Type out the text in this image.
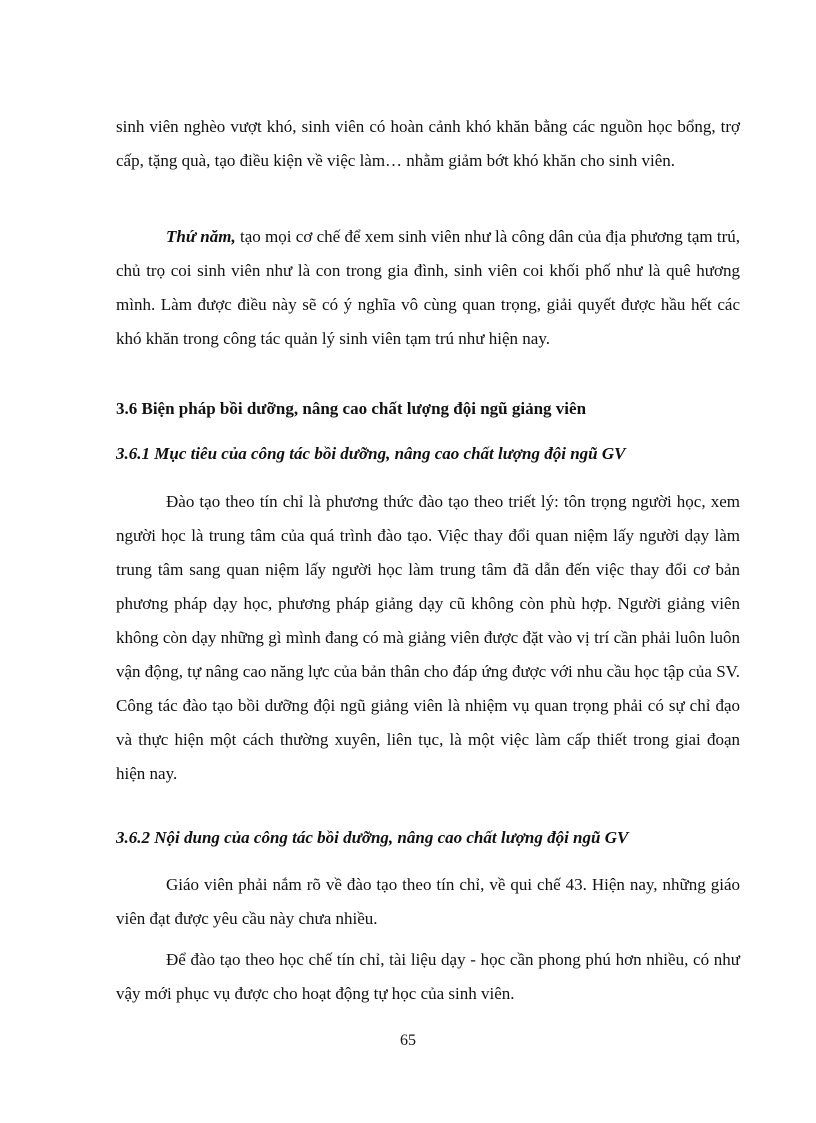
sinh viên nghèo vượt khó, sinh viên có hoàn cảnh khó khăn bằng các nguồn học bổng, trợ cấp, tặng quà, tạo điều kiện về việc làm… nhằm giảm bớt khó khăn cho sinh viên.

Thứ năm, tạo mọi cơ chế để xem sinh viên như là công dân của địa phương tạm trú, chủ trọ coi sinh viên như là con trong gia đình, sinh viên coi khối phố như là quê hương mình. Làm được điều này sẽ có ý nghĩa vô cùng quan trọng, giải quyết được hầu hết các khó khăn trong công tác quản lý sinh viên tạm trú như hiện nay.

3.6 Biện pháp bồi dưỡng, nâng cao chất lượng đội ngũ giảng viên
3.6.1 Mục tiêu của công tác bồi dưỡng, nâng cao chất lượng đội ngũ GV

Đào tạo theo tín chỉ là phương thức đào tạo theo triết lý: tôn trọng người học, xem người học là trung tâm của quá trình đào tạo. Việc thay đổi quan niệm lấy người dạy làm trung tâm sang quan niệm lấy người học làm trung tâm đã dẫn đến việc thay đổi cơ bản phương pháp dạy học, phương pháp giảng dạy cũ không còn phù hợp. Người giảng viên không còn dạy những gì mình đang có mà giảng viên được đặt vào vị trí cần phải luôn luôn vận động, tự nâng cao năng lực của bản thân cho đáp ứng được với nhu cầu học tập của SV. Công tác đào tạo bồi dưỡng đội ngũ giảng viên là nhiệm vụ quan trọng phải có sự chỉ đạo và thực hiện một cách thường xuyên, liên tục, là một việc làm cấp thiết trong giai đoạn hiện nay.

3.6.2 Nội dung của công tác bồi dưỡng, nâng cao chất lượng đội ngũ GV

Giáo viên phải nắm rõ về đào tạo theo tín chỉ, về qui chế 43. Hiện nay, những giáo viên đạt được yêu cầu này chưa nhiều.

Để đào tạo theo học chế tín chỉ, tài liệu dạy - học cần phong phú hơn nhiều, có như vậy mới phục vụ được cho hoạt động tự học của sinh viên.

65
